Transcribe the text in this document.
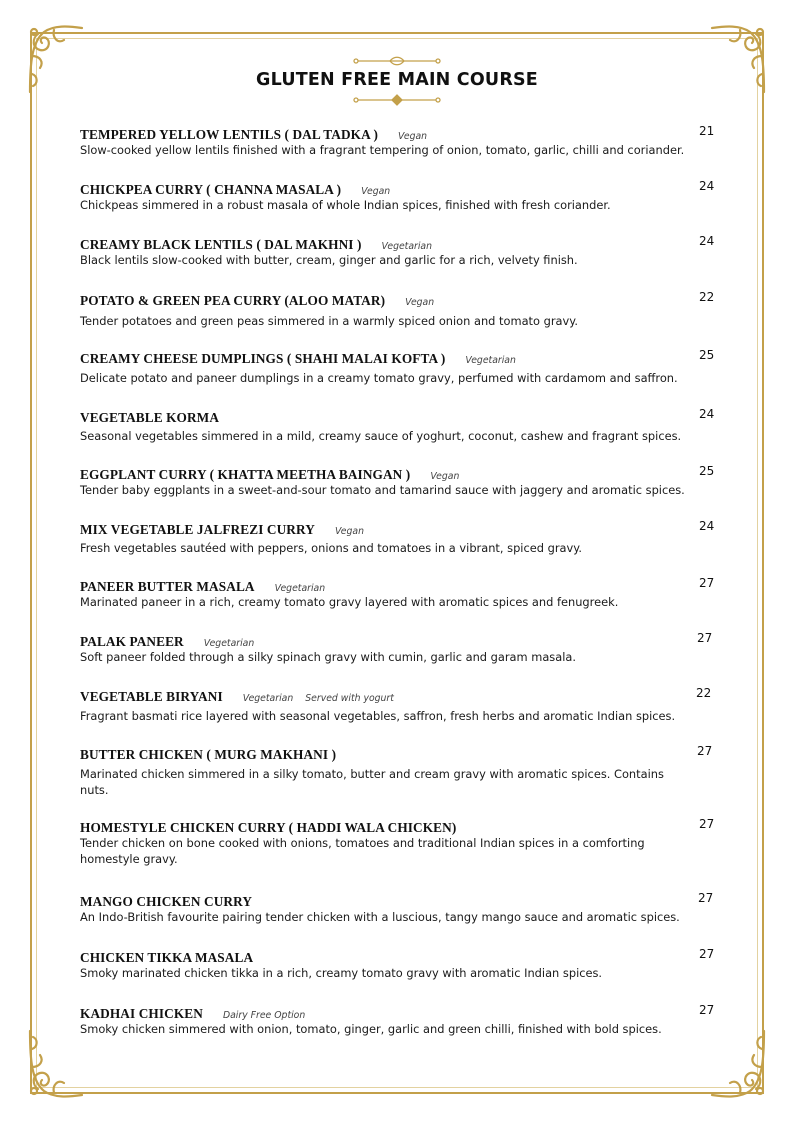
GLUTEN FREE MAIN COURSE
TEMPERED YELLOW LENTILS ( DAL TADKA ) Vegan	21
Slow-cooked yellow lentils finished with a fragrant tempering of onion, tomato, garlic, chilli and coriander.
CHICKPEA CURRY ( CHANNA MASALA ) Vegan	24
Chickpeas simmered in a robust masala of whole Indian spices, finished with fresh coriander.
CREAMY BLACK LENTILS ( DAL MAKHNI ) Vegetarian	24
Black lentils slow-cooked with butter, cream, ginger and garlic for a rich, velvety finish.
POTATO & GREEN PEA CURRY (ALOO MATAR) Vegan	22
Tender potatoes and green peas simmered in a warmly spiced onion and tomato gravy.
CREAMY CHEESE DUMPLINGS ( SHAHI MALAI KOFTA ) Vegetarian	25
Delicate potato and paneer dumplings in a creamy tomato gravy, perfumed with cardamom and saffron.
VEGETABLE KORMA	24
Seasonal vegetables simmered in a mild, creamy sauce of yoghurt, coconut, cashew and fragrant spices.
EGGPLANT CURRY ( KHATTA MEETHA BAINGAN ) Vegan	25
Tender baby eggplants in a sweet-and-sour tomato and tamarind sauce with jaggery and aromatic spices.
MIX VEGETABLE JALFREZI CURRY Vegan	24
Fresh vegetables sautéed with peppers, onions and tomatoes in a vibrant, spiced gravy.
PANEER BUTTER MASALA Vegetarian	27
Marinated paneer in a rich, creamy tomato gravy layered with aromatic spices and fenugreek.
PALAK PANEER Vegetarian	27
Soft paneer folded through a silky spinach gravy with cumin, garlic and garam masala.
VEGETABLE BIRYANI Vegetarian Served with yogurt	22
Fragrant basmati rice layered with seasonal vegetables, saffron, fresh herbs and aromatic Indian spices.
BUTTER CHICKEN ( MURG MAKHANI )	27
Marinated chicken simmered in a silky tomato, butter and cream gravy with aromatic spices. Contains nuts.
HOMESTYLE CHICKEN CURRY ( HADDI WALA CHICKEN)	27
Tender chicken on bone cooked with onions, tomatoes and traditional Indian spices in a comforting homestyle gravy.
MANGO CHICKEN CURRY	27
An Indo-British favourite pairing tender chicken with a luscious, tangy mango sauce and aromatic spices.
CHICKEN TIKKA MASALA	27
Smoky marinated chicken tikka in a rich, creamy tomato gravy with aromatic Indian spices.
KADHAI CHICKEN Dairy Free Option	27
Smoky chicken simmered with onion, tomato, ginger, garlic and green chilli, finished with bold spices.
